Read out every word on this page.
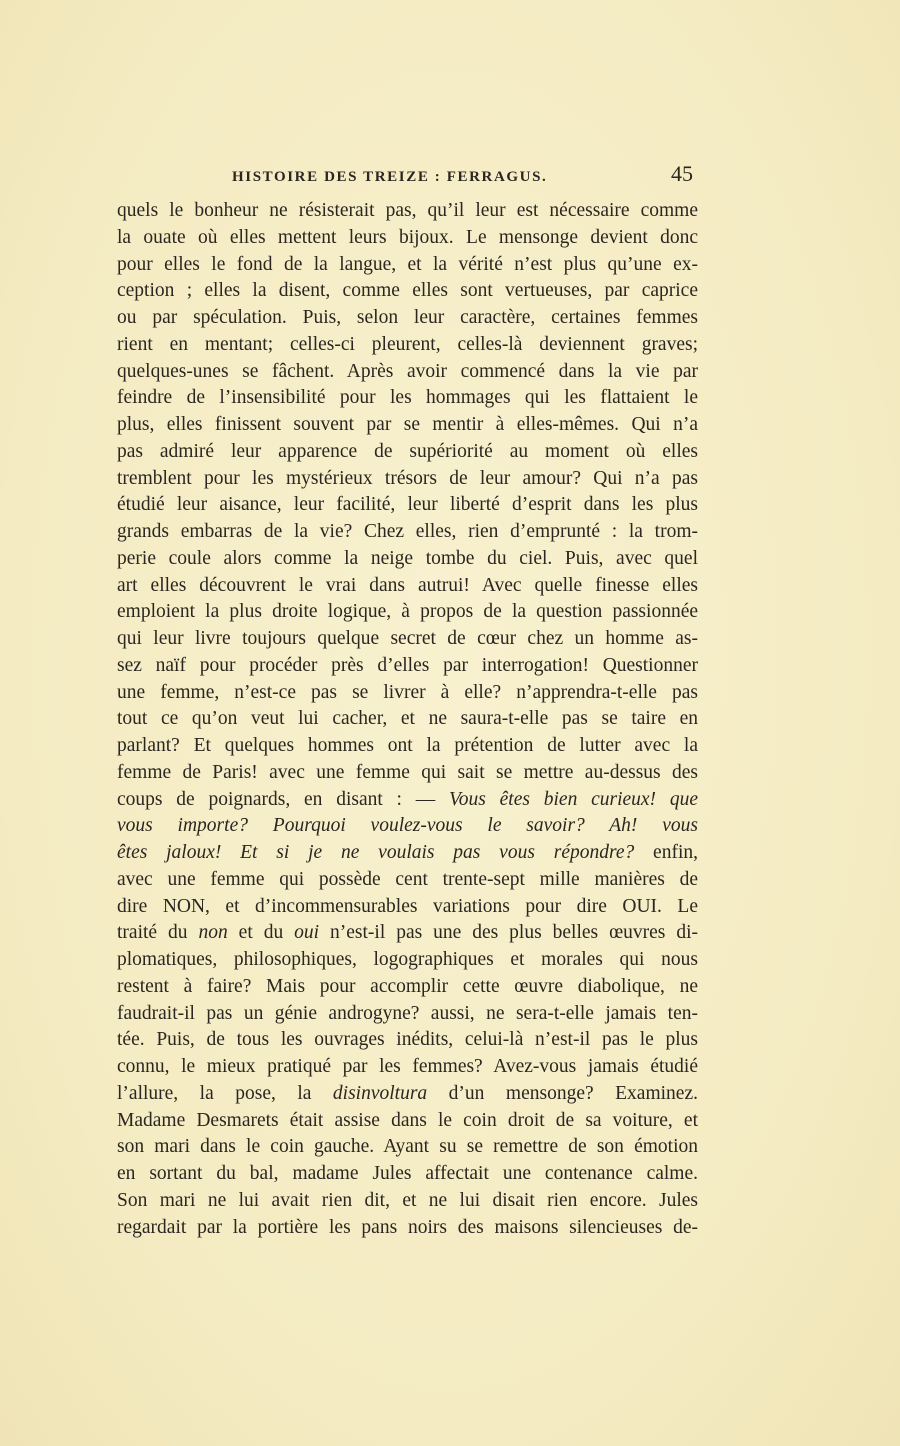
HISTOIRE DES TREIZE : FERRAGUS.	45
quels le bonheur ne résisterait pas, qu’il leur est nécessaire comme
la ouate où elles mettent leurs bijoux. Le mensonge devient donc
pour elles le fond de la langue, et la vérité n’est plus qu’une ex-
ception ; elles la disent, comme elles sont vertueuses, par caprice
ou par spéculation. Puis, selon leur caractère, certaines femmes
rient en mentant; celles-ci pleurent, celles-là deviennent graves;
quelques-unes se fâchent. Après avoir commencé dans la vie par
feindre de l’insensibilité pour les hommages qui les flattaient le
plus, elles finissent souvent par se mentir à elles-mêmes. Qui n’a
pas admiré leur apparence de supériorité au moment où elles
tremblent pour les mystérieux trésors de leur amour? Qui n’a pas
étudié leur aisance, leur facilité, leur liberté d’esprit dans les plus
grands embarras de la vie? Chez elles, rien d’emprunté : la trom-
perie coule alors comme la neige tombe du ciel. Puis, avec quel
art elles découvrent le vrai dans autrui! Avec quelle finesse elles
emploient la plus droite logique, à propos de la question passionnée
qui leur livre toujours quelque secret de cœur chez un homme as-
sez naïf pour procéder près d’elles par interrogation! Questionner
une femme, n’est-ce pas se livrer à elle? n’apprendra-t-elle pas
tout ce qu’on veut lui cacher, et ne saura-t-elle pas se taire en
parlant? Et quelques hommes ont la prétention de lutter avec la
femme de Paris! avec une femme qui sait se mettre au-dessus des
coups de poignards, en disant : — Vous êtes bien curieux! que
vous importe? Pourquoi voulez-vous le savoir? Ah! vous
êtes jaloux! Et si je ne voulais pas vous répondre? enfin,
avec une femme qui possède cent trente-sept mille manières de
dire NON, et d’incommensurables variations pour dire OUI. Le
traité du non et du oui n’est-il pas une des plus belles œuvres di-
plomatiques, philosophiques, logographiques et morales qui nous
restent à faire? Mais pour accomplir cette œuvre diabolique, ne
faudrait-il pas un génie androgyne? aussi, ne sera-t-elle jamais ten-
tée. Puis, de tous les ouvrages inédits, celui-là n’est-il pas le plus
connu, le mieux pratiqué par les femmes? Avez-vous jamais étudié
l’allure, la pose, la disinvoltura d’un mensonge? Examinez.
Madame Desmarets était assise dans le coin droit de sa voiture, et
son mari dans le coin gauche. Ayant su se remettre de son émotion
en sortant du bal, madame Jules affectait une contenance calme.
Son mari ne lui avait rien dit, et ne lui disait rien encore. Jules
regardait par la portière les pans noirs des maisons silencieuses de-
